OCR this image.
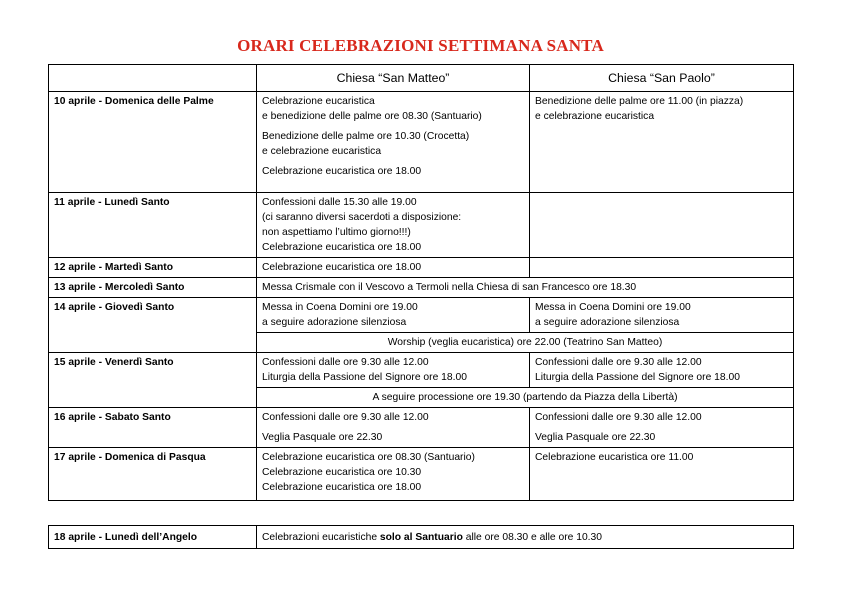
ORARI CELEBRAZIONI SETTIMANA SANTA
	Chiesa “San Matteo”	Chiesa “San Paolo”
10 aprile - Domenica delle Palme	Celebrazione eucaristica
e benedizione delle palme ore 08.30 (Santuario)
Benedizione delle palme ore 10.30 (Crocetta)
e celebrazione eucaristica
Celebrazione eucaristica ore 18.00	Benedizione delle palme ore 11.00 (in piazza)
e celebrazione eucaristica

11 aprile - Lunedì Santo	Confessioni dalle 15.30 alle 19.00
(ci saranno diversi sacerdoti a disposizione:
non aspettiamo l’ultimo giorno!!!)
Celebrazione eucaristica ore 18.00	

12 aprile - Martedì Santo	Celebrazione eucaristica ore 18.00	

13 aprile - Mercoledì Santo	Messa Crismale con il Vescovo a Termoli nella Chiesa di san Francesco ore 18.30	
14 aprile - Giovedì Santo	Messa in Coena Domini ore 19.00
a seguire adorazione silenziosa	Messa in Coena Domini ore 19.00
a seguire adorazione silenziosa

	Worship (veglia eucaristica) ore 22.00 (Teatrino San Matteo)	
15 aprile - Venerdì Santo	Confessioni dalle ore 9.30 alle 12.00
Liturgia della Passione del Signore ore 18.00	Confessioni dalle ore 9.30 alle 12.00
Liturgia della Passione del Signore ore 18.00

	A seguire processione ore 19.30 (partendo da Piazza della Libertà)	
16 aprile - Sabato Santo	Confessioni dalle ore 9.30 alle 12.00
Veglia Pasquale ore 22.30	Confessioni dalle ore 9.30 alle 12.00
Veglia Pasquale ore 22.30

17 aprile - Domenica di Pasqua	Celebrazione eucaristica ore 08.30 (Santuario)
Celebrazione eucaristica ore 10.30
Celebrazione eucaristica ore 18.00	Celebrazione eucaristica ore 11.00
18 aprile - Lunedì dell’Angelo	Celebrazioni eucaristiche solo al Santuario alle ore 08.30 e alle ore 10.30
